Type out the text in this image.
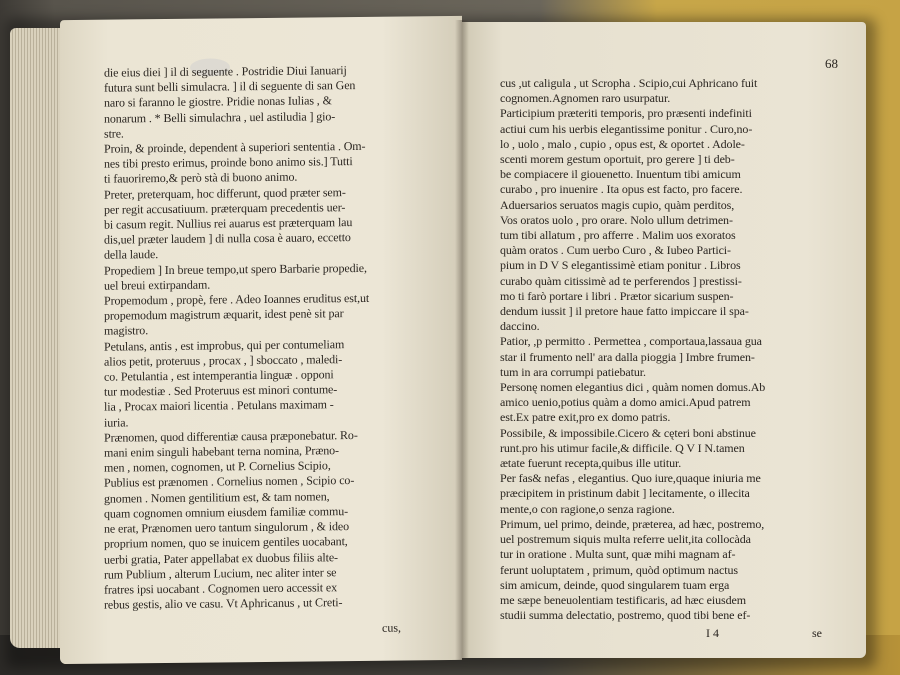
die eius diei ] il di seguente . Postridie Diui Ianuarij
futura sunt belli simulacra. ] il di seguente di san Gen
naro si faranno le giostre. Pridie nonas Iulias , &
nonarum . * Belli simulachra , uel astiludia ] gio-
stre.
Proin, & proinde, dependent à superiori sententia . Om-
nes tibi presto erimus, proinde bono animo sis.] Tutti
ti fauoriremo,& però stà di buono animo.
Preter, preterquam, hoc differunt, quod præter sem-
per regit accusatiuum. præterquam precedentis uer-
bi casum regit. Nullius rei auarus est præterquam lau
dis,uel præter laudem ] di nulla cosa è auaro, eccetto
della laude.
Propediem ] In breue tempo,ut spero Barbarie propedie,
uel breui extirpandam.
Propemodum , propè, fere . Adeo Ioannes eruditus est,ut
propemodum magistrum æquarit, idest penè sit par
magistro.
Petulans, antis , est improbus, qui per contumeliam
alios petit, proteruus , procax , ] sboccato , maledi-
co. Petulantia , est intemperantia linguæ . opponi
tur modestiæ . Sed Proteruus est minori contume-
lia , Procax maiori licentia . Petulans maximam -
iuria.
Prænomen, quod differentiæ causa præponebatur. Ro-
mani enim singuli habebant terna nomina, Præno-
men , nomen, cognomen, ut P. Cornelius Scipio,
Publius est prænomen . Cornelius nomen , Scipio co-
gnomen . Nomen gentilitium est, & tam nomen,
quam cognomen omnium eiusdem familiæ commu-
ne erat, Prænomen uero tantum singulorum , & ideo
proprium nomen, quo se inuicem gentiles uocabant,
uerbi gratia, Pater appellabat ex duobus filiis alte-
rum Publium , alterum Lucium, nec aliter inter se
fratres ipsi uocabant . Cognomen uero accessit ex
rebus gestis, alio ve casu. Vt Aphricanus , ut Creti-
cus,
68
cus ,ut caligula , ut Scropha . Scipio,cui Aphricano fuit
cognomen.Agnomen raro usurpatur.
Participium præteriti temporis, pro præsenti indefiniti
actiui cum his uerbis elegantissime ponitur . Curo,no-
lo , uolo , malo , cupio , opus est, & oportet . Adole-
scenti morem gestum oportuit, pro gerere ] ti deb-
be compiacere il giouenetto. Inuentum tibi amicum
curabo , pro inuenire . Ita opus est facto, pro facere.
Aduersarios seruatos magis cupio, quàm perditos,
Vos oratos uolo , pro orare. Nolo ullum detrimen-
tum tibi allatum , pro afferre . Malim uos exoratos
quàm oratos . Cum uerbo Curo , & Iubeo Partici-
pium in D V S elegantissimè etiam ponitur . Libros
curabo quàm citissimè ad te perferendos ] prestissi-
mo ti farò portare i libri . Prætor sicarium suspen-
dendum iussit ] il pretore haue fatto impiccare il spa-
daccino.
Patior, ,p permitto . Permettea , comportaua,lassaua gua
star il frumento nell' ara dalla pioggia ] Imbre frumen-
tum in ara corrumpi patiebatur.
Personę nomen elegantius dici , quàm nomen domus.Ab
amico uenio,potius quàm a domo amici.Apud patrem
est.Ex patre exit,pro ex domo patris.
Possibile, & impossibile.Cicero & cęteri boni abstinue
runt.pro his utimur facile,& difficile. Q V I N.tamen
ætate fuerunt recepta,quibus ille utitur.
Per fas& nefas , elegantius. Quo iure,quaque iniuria me
præcipitem in pristinum dabit ] lecitamente, o illecita
mente,o con ragione,o senza ragione.
Primum, uel primo, deinde, præterea, ad hæc, postremo,
uel postremum siquis multa referre uelit,ita collocàda
tur in oratione . Multa sunt, quæ mihi magnam af-
ferunt uoluptatem , primum, quòd optimum nactus
sim amicum, deinde, quod singularem tuam erga
me sæpe beneuolentiam testificaris, ad hæc eiusdem
studii summa delectatio, postremo, quod tibi bene ef-
I 4	se
